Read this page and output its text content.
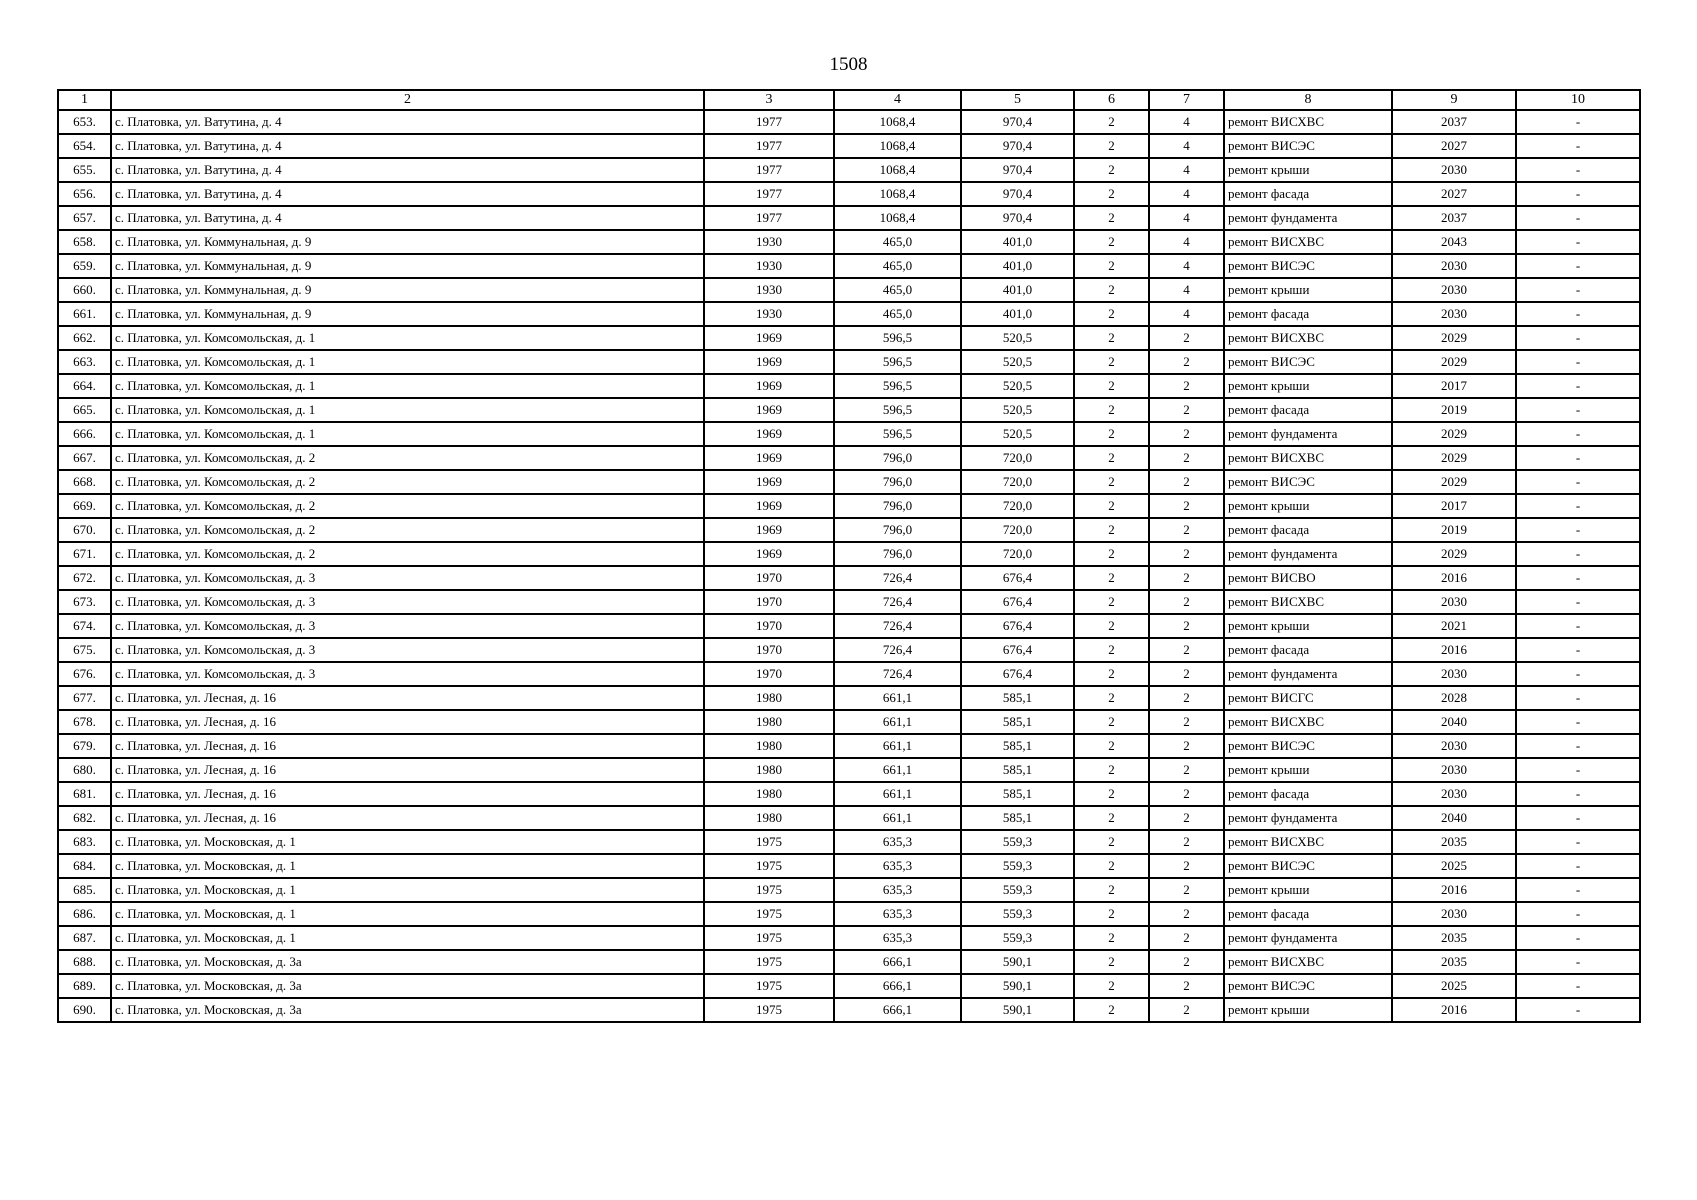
1508
1	2	3	4	5	6	7	8	9	10
653.	с. Платовка, ул. Ватутина, д. 4	1977	1068,4	970,4	2	4	ремонт ВИСХВС	2037	-
654.	с. Платовка, ул. Ватутина, д. 4	1977	1068,4	970,4	2	4	ремонт ВИСЭС	2027	-
655.	с. Платовка, ул. Ватутина, д. 4	1977	1068,4	970,4	2	4	ремонт крыши	2030	-
656.	с. Платовка, ул. Ватутина, д. 4	1977	1068,4	970,4	2	4	ремонт фасада	2027	-
657.	с. Платовка, ул. Ватутина, д. 4	1977	1068,4	970,4	2	4	ремонт фундамента	2037	-
658.	с. Платовка, ул. Коммунальная, д. 9	1930	465,0	401,0	2	4	ремонт ВИСХВС	2043	-
659.	с. Платовка, ул. Коммунальная, д. 9	1930	465,0	401,0	2	4	ремонт ВИСЭС	2030	-
660.	с. Платовка, ул. Коммунальная, д. 9	1930	465,0	401,0	2	4	ремонт крыши	2030	-
661.	с. Платовка, ул. Коммунальная, д. 9	1930	465,0	401,0	2	4	ремонт фасада	2030	-
662.	с. Платовка, ул. Комсомольская, д. 1	1969	596,5	520,5	2	2	ремонт ВИСХВС	2029	-
663.	с. Платовка, ул. Комсомольская, д. 1	1969	596,5	520,5	2	2	ремонт ВИСЭС	2029	-
664.	с. Платовка, ул. Комсомольская, д. 1	1969	596,5	520,5	2	2	ремонт крыши	2017	-
665.	с. Платовка, ул. Комсомольская, д. 1	1969	596,5	520,5	2	2	ремонт фасада	2019	-
666.	с. Платовка, ул. Комсомольская, д. 1	1969	596,5	520,5	2	2	ремонт фундамента	2029	-
667.	с. Платовка, ул. Комсомольская, д. 2	1969	796,0	720,0	2	2	ремонт ВИСХВС	2029	-
668.	с. Платовка, ул. Комсомольская, д. 2	1969	796,0	720,0	2	2	ремонт ВИСЭС	2029	-
669.	с. Платовка, ул. Комсомольская, д. 2	1969	796,0	720,0	2	2	ремонт крыши	2017	-
670.	с. Платовка, ул. Комсомольская, д. 2	1969	796,0	720,0	2	2	ремонт фасада	2019	-
671.	с. Платовка, ул. Комсомольская, д. 2	1969	796,0	720,0	2	2	ремонт фундамента	2029	-
672.	с. Платовка, ул. Комсомольская, д. 3	1970	726,4	676,4	2	2	ремонт ВИСВО	2016	-
673.	с. Платовка, ул. Комсомольская, д. 3	1970	726,4	676,4	2	2	ремонт ВИСХВС	2030	-
674.	с. Платовка, ул. Комсомольская, д. 3	1970	726,4	676,4	2	2	ремонт крыши	2021	-
675.	с. Платовка, ул. Комсомольская, д. 3	1970	726,4	676,4	2	2	ремонт фасада	2016	-
676.	с. Платовка, ул. Комсомольская, д. 3	1970	726,4	676,4	2	2	ремонт фундамента	2030	-
677.	с. Платовка, ул. Лесная, д. 16	1980	661,1	585,1	2	2	ремонт ВИСГС	2028	-
678.	с. Платовка, ул. Лесная, д. 16	1980	661,1	585,1	2	2	ремонт ВИСХВС	2040	-
679.	с. Платовка, ул. Лесная, д. 16	1980	661,1	585,1	2	2	ремонт ВИСЭС	2030	-
680.	с. Платовка, ул. Лесная, д. 16	1980	661,1	585,1	2	2	ремонт крыши	2030	-
681.	с. Платовка, ул. Лесная, д. 16	1980	661,1	585,1	2	2	ремонт фасада	2030	-
682.	с. Платовка, ул. Лесная, д. 16	1980	661,1	585,1	2	2	ремонт фундамента	2040	-
683.	с. Платовка, ул. Московская, д. 1	1975	635,3	559,3	2	2	ремонт ВИСХВС	2035	-
684.	с. Платовка, ул. Московская, д. 1	1975	635,3	559,3	2	2	ремонт ВИСЭС	2025	-
685.	с. Платовка, ул. Московская, д. 1	1975	635,3	559,3	2	2	ремонт крыши	2016	-
686.	с. Платовка, ул. Московская, д. 1	1975	635,3	559,3	2	2	ремонт фасада	2030	-
687.	с. Платовка, ул. Московская, д. 1	1975	635,3	559,3	2	2	ремонт фундамента	2035	-
688.	с. Платовка, ул. Московская, д. 3а	1975	666,1	590,1	2	2	ремонт ВИСХВС	2035	-
689.	с. Платовка, ул. Московская, д. 3а	1975	666,1	590,1	2	2	ремонт ВИСЭС	2025	-
690.	с. Платовка, ул. Московская, д. 3а	1975	666,1	590,1	2	2	ремонт крыши	2016	-
